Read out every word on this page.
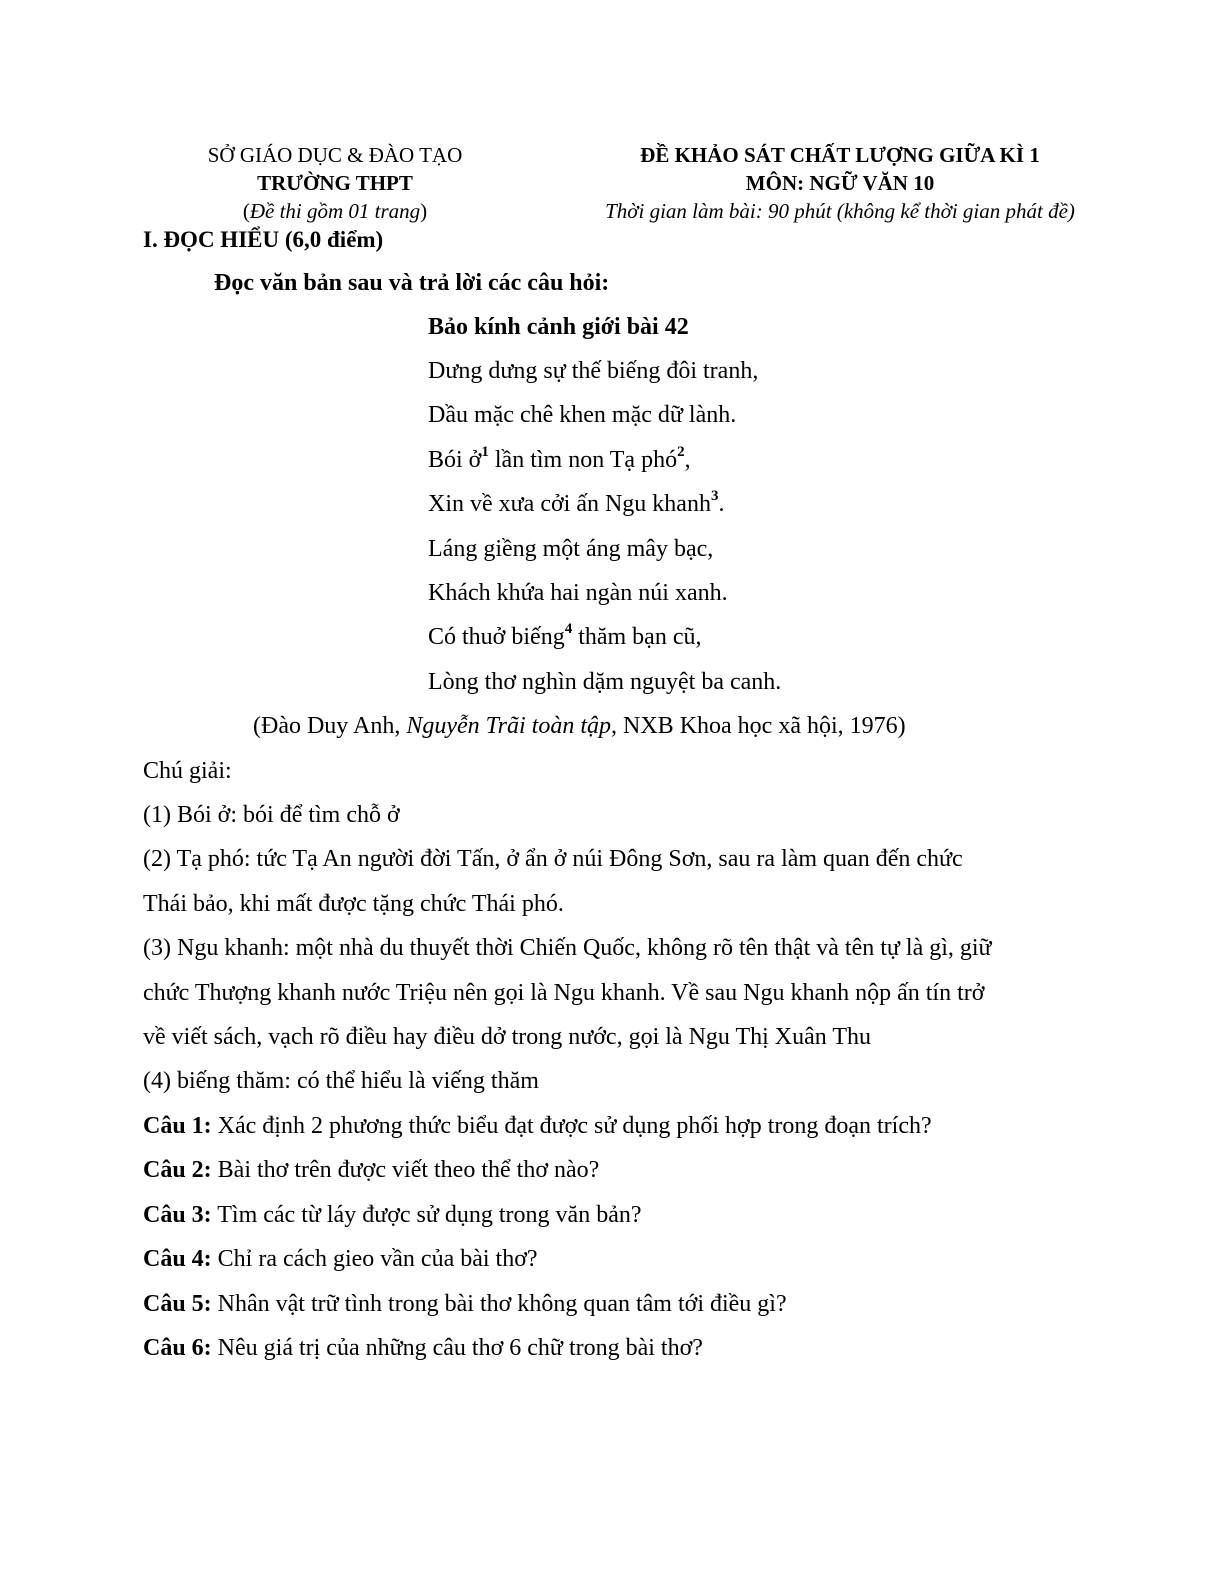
SỞ GIÁO DỤC & ĐÀO TẠO
TRƯỜNG THPT
(Đề thi gồm 01 trang)
ĐỀ KHẢO SÁT CHẤT LƯỢNG GIỮA KÌ 1
MÔN: NGỮ VĂN 10
Thời gian làm bài: 90 phút (không kể thời gian phát đề)
I. ĐỌC HIỂU (6,0 điểm)
Đọc văn bản sau và trả lời các câu hỏi:
Bảo kính cảnh giới bài 42
Dưng dưng sự thế biếng đôi tranh,
Dầu mặc chê khen mặc dữ lành.
Bói ở$^1$ lần tìm non Tạ phó$^2$,
Xin về xưa cởi ấn Ngu khanh$^3$.
Láng giềng một áng mây bạc,
Khách khứa hai ngàn núi xanh.
Có thuở biếng$^4$ thăm bạn cũ,
Lòng thơ nghìn dặm nguyệt ba canh.
(Đào Duy Anh, Nguyễn Trãi toàn tập, NXB Khoa học xã hội, 1976)
Chú giải:
(1) Bói ở: bói để tìm chỗ ở
(2) Tạ phó: tức Tạ An người đời Tấn, ở ẩn ở núi Đông Sơn, sau ra làm quan đến chức
Thái bảo, khi mất được tặng chức Thái phó.
(3) Ngu khanh: một nhà du thuyết thời Chiến Quốc, không rõ tên thật và tên tự là gì, giữ
chức Thượng khanh nước Triệu nên gọi là Ngu khanh. Về sau Ngu khanh nộp ấn tín trở
về viết sách, vạch rõ điều hay điều dở trong nước, gọi là Ngu Thị Xuân Thu
(4) biếng thăm: có thể hiểu là viếng thăm
Câu 1: Xác định 2 phương thức biểu đạt được sử dụng phối hợp trong đoạn trích?
Câu 2: Bài thơ trên được viết theo thể thơ nào?
Câu 3: Tìm các từ láy được sử dụng trong văn bản?
Câu 4: Chỉ ra cách gieo vần của bài thơ?
Câu 5: Nhân vật trữ tình trong bài thơ không quan tâm tới điều gì?
Câu 6: Nêu giá trị của những câu thơ 6 chữ trong bài thơ?
